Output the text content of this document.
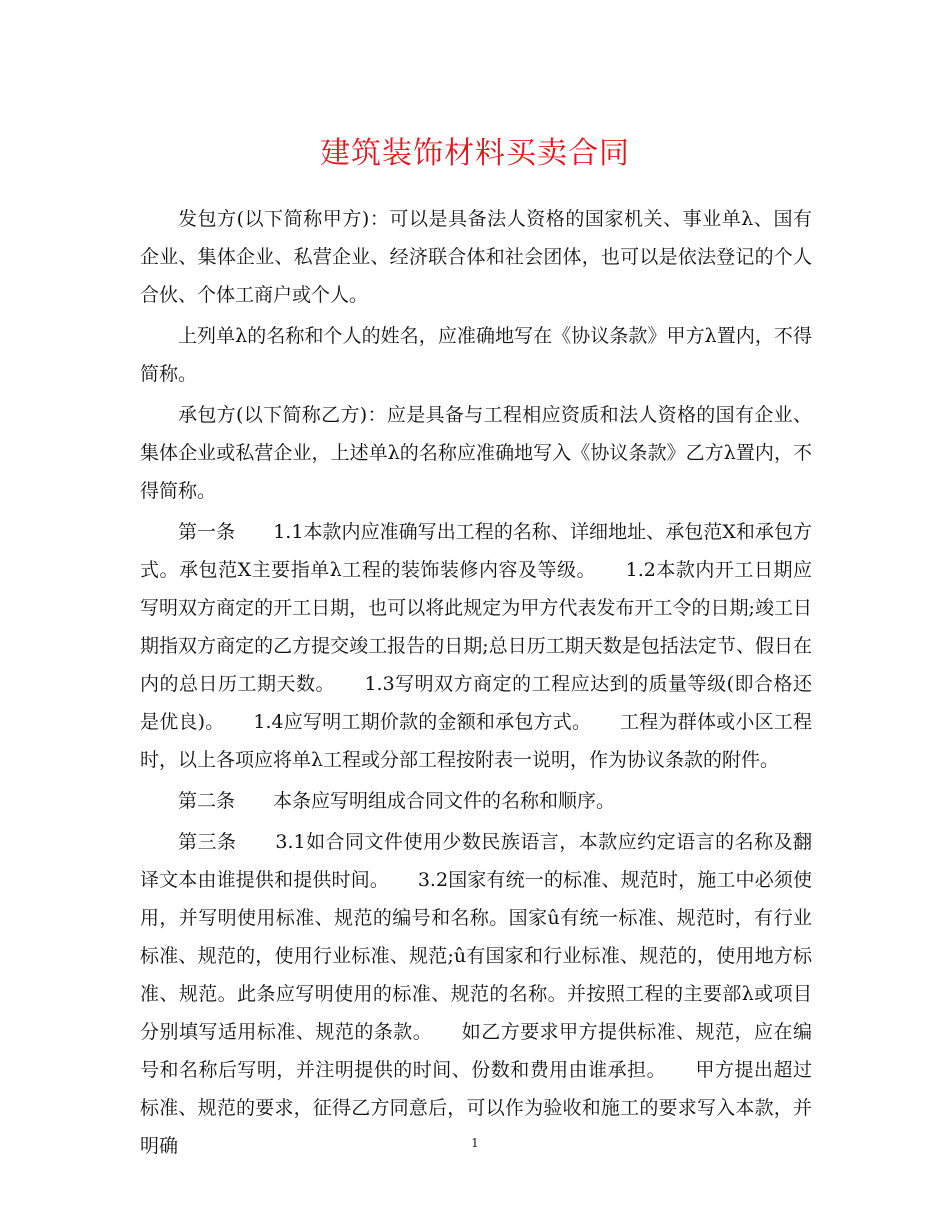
建筑装饰材料买卖合同

发包方(以下简称甲方)：可以是具备法人资格的国家机关、事业单λ、国有企业、集体企业、私营企业、经济联合体和社会团体，也可以是依法登记的个人合伙、个体工商户或个人。

上列单λ的名称和个人的姓名，应准确地写在《协议条款》甲方λ置内，不得简称。

承包方(以下简称乙方)：应是具备与工程相应资质和法人资格的国有企业、集体企业或私营企业，上述单λ的名称应准确地写入《协议条款》乙方λ置内，不得简称。

第一条　　1.1本款内应准确写出工程的名称、详细地址、承包范X和承包方式。承包范X主要指单λ工程的装饰装修内容及等级。　　1.2本款内开工日期应写明双方商定的开工日期，也可以将此规定为甲方代表发布开工令的日期;竣工日期指双方商定的乙方提交竣工报告的日期;总日历工期天数是包括法定节、假日在内的总日历工期天数。　　1.3写明双方商定的工程应达到的质量等级(即合格还是优良)。　　1.4应写明工期价款的金额和承包方式。　　工程为群体或小区工程时，以上各项应将单λ工程或分部工程按附表一说明，作为协议条款的附件。

第二条　　本条应写明组成合同文件的名称和顺序。

第三条　　3.1如合同文件使用少数民族语言，本款应约定语言的名称及翻译文本由谁提供和提供时间。　　3.2国家有统一的标准、规范时，施工中必须使用，并写明使用标准、规范的编号和名称。国家û有统一标准、规范时，有行业标准、规范的，使用行业标准、规范;û有国家和行业标准、规范的，使用地方标准、规范。此条应写明使用的标准、规范的名称。并按照工程的主要部λ或项目分别填写适用标准、规范的条款。　　如乙方要求甲方提供标准、规范，应在编号和名称后写明，并注明提供的时间、份数和费用由谁承担。　　甲方提出超过标准、规范的要求，征得乙方同意后，可以作为验收和施工的要求写入本款，并明确	1
